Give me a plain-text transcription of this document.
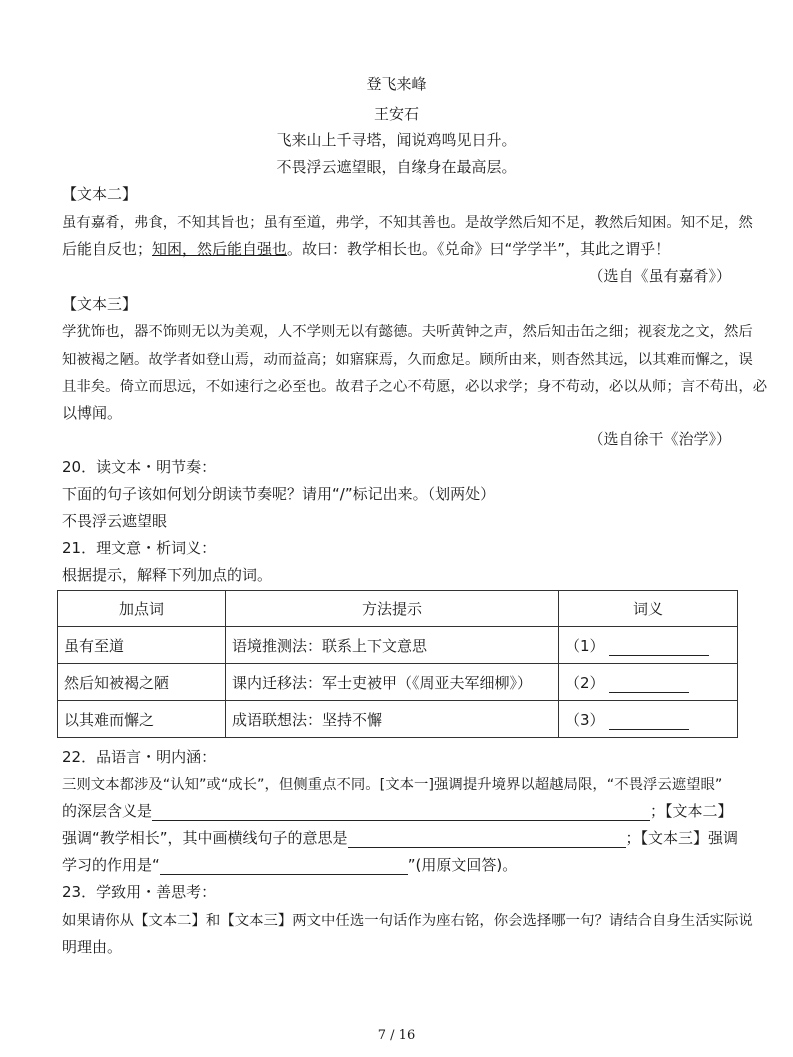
登飞来峰
王安石
飞来山上千寻塔，闻说鸡鸣见日升。
不畏浮云遮望眼，自缘身在最高层。
【文本二】
虽有嘉肴，弗食，不知其旨也；虽有至道，弗学，不知其善也。是故学然后知不足，教然后知困。知不足，然
后能自反也；知困，然后能自强也。故曰：教学相长也。《兑命》曰“学学半”，其此之谓乎！
（选自《虽有嘉肴》）
【文本三】
学犹饰也，器不饰则无以为美观，人不学则无以有懿德。夫听黄钟之声，然后知击缶之细；视衮龙之文，然后
知被褐之陋。故学者如登山焉，动而益高；如寤寐焉，久而愈足。顾所由来，则杳然其远，以其难而懈之，误
且非矣。倚立而思远，不如速行之必至也。故君子之心不苟愿，必以求学；身不苟动，必以从师；言不苟出，必
以博闻。
（选自徐干《治学》）
20．读文本・明节奏：
下面的句子该如何划分朗读节奏呢？请用“/”标记出来。（划两处）
不畏浮云遮望眼
21．理文意・析词义：
根据提示，解释下列加点的词。
加点词	方法提示	词义
虽有至道	语境推测法：联系上下文意思	（1）
然后知被褐之陋	课内迁移法：军士吏被甲（《周亚夫军细柳》）	（2）
以其难而懈之	成语联想法：坚持不懈	（3）
22．品语言・明内涵：
三则文本都涉及“认知”或“成长”，但侧重点不同。[文本一]强调提升境界以超越局限，“不畏浮云遮望眼”
的深层含义是	；【文本二】
强调“教学相长”，其中画横线句子的意思是	；【文本三】强调
学习的作用是“	”(用原文回答)。
23．学致用・善思考：
如果请你从【文本二】和【文本三】两文中任选一句话作为座右铭，你会选择哪一句？请结合自身生活实际说
明理由。
7 / 16
